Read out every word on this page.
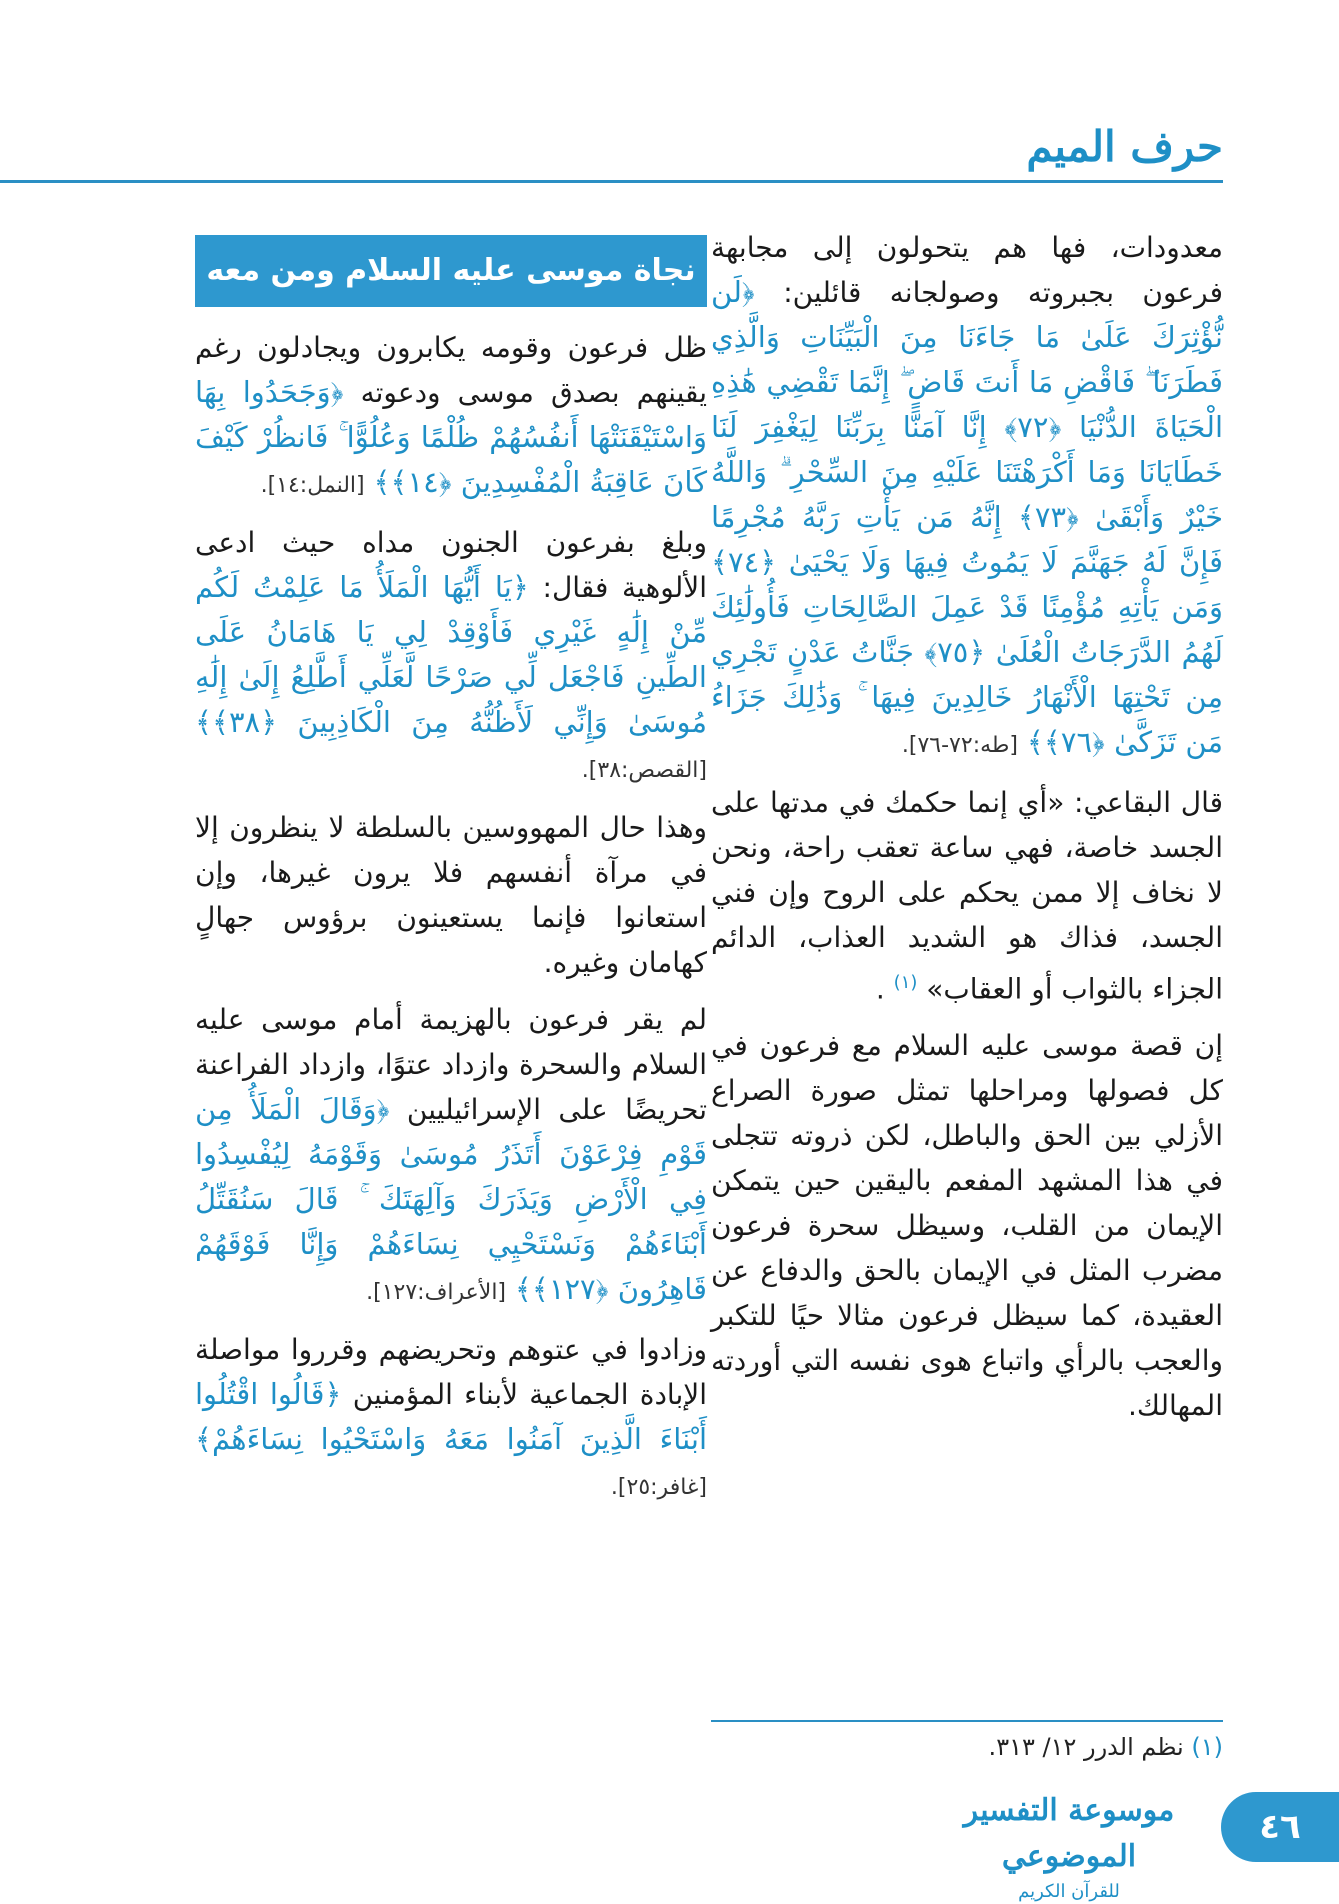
حرف الميم

معدودات، فها هم يتحولون إلى مجابهة فرعون بجبروته وصولجانه قائلين: ﴿لَن نُّؤْثِرَكَ عَلَىٰ مَا جَاءَنَا مِنَ الْبَيِّنَاتِ وَالَّذِي فَطَرَنَا ۖ فَاقْضِ مَا أَنتَ قَاضٍ ۖ إِنَّمَا تَقْضِي هَٰذِهِ الْحَيَاةَ الدُّنْيَا ﴿٧٢﴾ إِنَّا آمَنَّا بِرَبِّنَا لِيَغْفِرَ لَنَا خَطَايَانَا وَمَا أَكْرَهْتَنَا عَلَيْهِ مِنَ السِّحْرِ ۗ وَاللَّهُ خَيْرٌ وَأَبْقَىٰ ﴿٧٣﴾ إِنَّهُ مَن يَأْتِ رَبَّهُ مُجْرِمًا فَإِنَّ لَهُ جَهَنَّمَ لَا يَمُوتُ فِيهَا وَلَا يَحْيَىٰ ﴿٧٤﴾ وَمَن يَأْتِهِ مُؤْمِنًا قَدْ عَمِلَ الصَّالِحَاتِ فَأُولَٰئِكَ لَهُمُ الدَّرَجَاتُ الْعُلَىٰ ﴿٧٥﴾ جَنَّاتُ عَدْنٍ تَجْرِي مِن تَحْتِهَا الْأَنْهَارُ خَالِدِينَ فِيهَا ۚ وَذَٰلِكَ جَزَاءُ مَن تَزَكَّىٰ ﴿٧٦﴾﴾ [طه:٧٢-٧٦].

قال البقاعي: «أي إنما حكمك في مدتها على الجسد خاصة، فهي ساعة تعقب راحة، ونحن لا نخاف إلا ممن يحكم على الروح وإن فني الجسد، فذاك هو الشديد العذاب، الدائم الجزاء بالثواب أو العقاب» $^{(١)}$ .

إن قصة موسى عليه السلام مع فرعون في كل فصولها ومراحلها تمثل صورة الصراع الأزلي بين الحق والباطل، لكن ذروته تتجلى في هذا المشهد المفعم باليقين حين يتمكن الإيمان من القلب، وسيظل سحرة فرعون مضرب المثل في الإيمان بالحق والدفاع عن العقيدة، كما سيظل فرعون مثالا حيًا للتكبر والعجب بالرأي واتباع هوى نفسه التي أوردته المهالك.

نجاة موسى عليه السلام ومن معه

ظل فرعون وقومه يكابرون ويجادلون رغم يقينهم بصدق موسى ودعوته ﴿وَجَحَدُوا بِهَا وَاسْتَيْقَنَتْهَا أَنفُسُهُمْ ظُلْمًا وَعُلُوًّا ۚ فَانظُرْ كَيْفَ كَانَ عَاقِبَةُ الْمُفْسِدِينَ ﴿١٤﴾﴾ [النمل:١٤].

وبلغ بفرعون الجنون مداه حيث ادعى الألوهية فقال: ﴿يَا أَيُّهَا الْمَلَأُ مَا عَلِمْتُ لَكُم مِّنْ إِلَٰهٍ غَيْرِي فَأَوْقِدْ لِي يَا هَامَانُ عَلَى الطِّينِ فَاجْعَل لِّي صَرْحًا لَّعَلِّي أَطَّلِعُ إِلَىٰ إِلَٰهِ مُوسَىٰ وَإِنِّي لَأَظُنُّهُ مِنَ الْكَاذِبِينَ ﴿٣٨﴾﴾ [القصص:٣٨].

وهذا حال المهووسين بالسلطة لا ينظرون إلا في مرآة أنفسهم فلا يرون غيرها، وإن استعانوا فإنما يستعينون برؤوس جهالٍ كهامان وغيره.

لم يقر فرعون بالهزيمة أمام موسى عليه السلام والسحرة وازداد عتوًا، وازداد الفراعنة تحريضًا على الإسرائيليين ﴿وَقَالَ الْمَلَأُ مِن قَوْمِ فِرْعَوْنَ أَتَذَرُ مُوسَىٰ وَقَوْمَهُ لِيُفْسِدُوا فِي الْأَرْضِ وَيَذَرَكَ وَآلِهَتَكَ ۚ قَالَ سَنُقَتِّلُ أَبْنَاءَهُمْ وَنَسْتَحْيِي نِسَاءَهُمْ وَإِنَّا فَوْقَهُمْ قَاهِرُونَ ﴿١٢٧﴾﴾ [الأعراف:١٢٧].

وزادوا في عتوهم وتحريضهم وقرروا مواصلة الإبادة الجماعية لأبناء المؤمنين ﴿قَالُوا اقْتُلُوا أَبْنَاءَ الَّذِينَ آمَنُوا مَعَهُ وَاسْتَحْيُوا نِسَاءَهُمْ﴾ [غافر:٢٥].

(١) نظم الدرر ١٢/ ٣١٣.
موسوعة التفسير الموضوعي
للقرآن الكريم
٤٦
